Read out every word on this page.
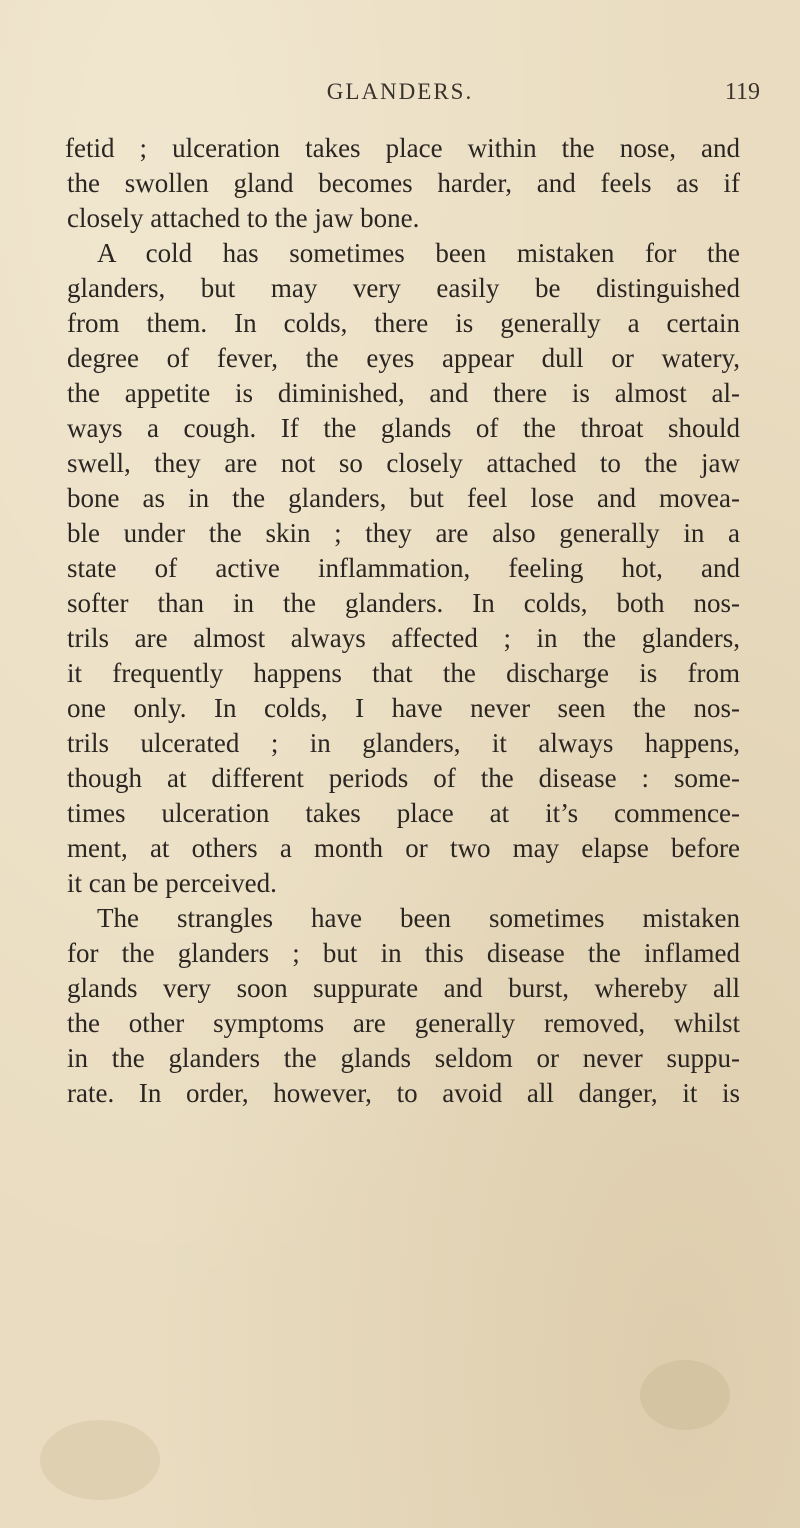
GLANDERS.	119
fetid ; ulceration takes place within the nose, and
the swollen gland becomes harder, and feels as if
closely attached to the jaw bone.
A cold has sometimes been mistaken for the
glanders, but may very easily be distinguished
from them. In colds, there is generally a certain
degree of fever, the eyes appear dull or watery,
the appetite is diminished, and there is almost al-
ways a cough. If the glands of the throat should
swell, they are not so closely attached to the jaw
bone as in the glanders, but feel lose and movea-
ble under the skin ; they are also generally in a
state of active inflammation, feeling hot, and
softer than in the glanders. In colds, both nos-
trils are almost always affected ; in the glanders,
it frequently happens that the discharge is from
one only. In colds, I have never seen the nos-
trils ulcerated ; in glanders, it always happens,
though at different periods of the disease : some-
times ulceration takes place at it’s commence-
ment, at others a month or two may elapse before
it can be perceived.
The strangles have been sometimes mistaken
for the glanders ; but in this disease the inflamed
glands very soon suppurate and burst, whereby all
the other symptoms are generally removed, whilst
in the glanders the glands seldom or never suppu-
rate. In order, however, to avoid all danger, it is
